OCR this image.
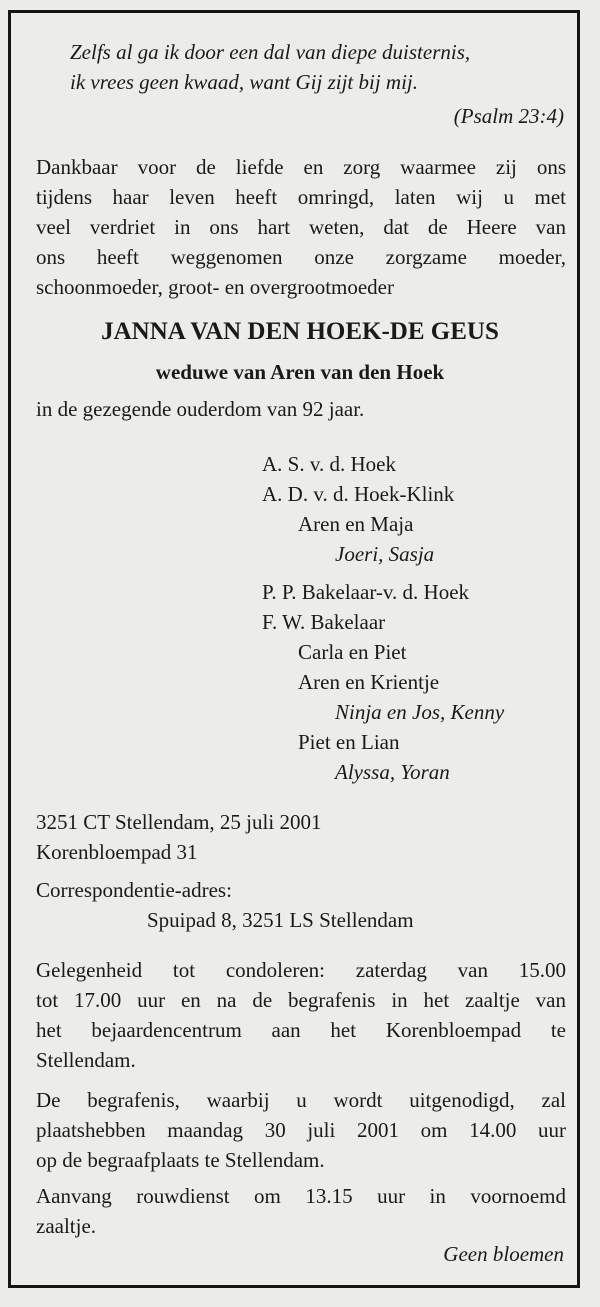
Zelfs al ga ik door een dal van diepe duisternis,

ik vrees geen kwaad, want Gij zijt bij mij.

(Psalm 23:4)

Dankbaar voor de liefde en zorg waarmee zij ons

tijdens haar leven heeft omringd, laten wij u met

veel verdriet in ons hart weten, dat de Heere van

ons heeft weggenomen onze zorgzame moeder,

schoonmoeder, groot- en overgrootmoeder

JANNA VAN DEN HOEK-DE GEUS

weduwe van Aren van den Hoek

in de gezegende ouderdom van 92 jaar.

A. S. v. d. Hoek

A. D. v. d. Hoek-Klink

Aren en Maja

Joeri, Sasja

P. P. Bakelaar-v. d. Hoek

F. W. Bakelaar

Carla en Piet

Aren en Krientje

Ninja en Jos, Kenny

Piet en Lian

Alyssa, Yoran

3251 CT Stellendam, 25 juli 2001

Korenbloempad 31

Correspondentie-adres:

Spuipad 8, 3251 LS Stellendam

Gelegenheid tot condoleren: zaterdag van 15.00

tot 17.00 uur en na de begrafenis in het zaaltje van

het bejaardencentrum aan het Korenbloempad te

Stellendam.

De begrafenis, waarbij u wordt uitgenodigd, zal

plaatshebben maandag 30 juli 2001 om 14.00 uur

op de begraafplaats te Stellendam.

Aanvang rouwdienst om 13.15 uur in voornoemd

zaaltje.

Geen bloemen
